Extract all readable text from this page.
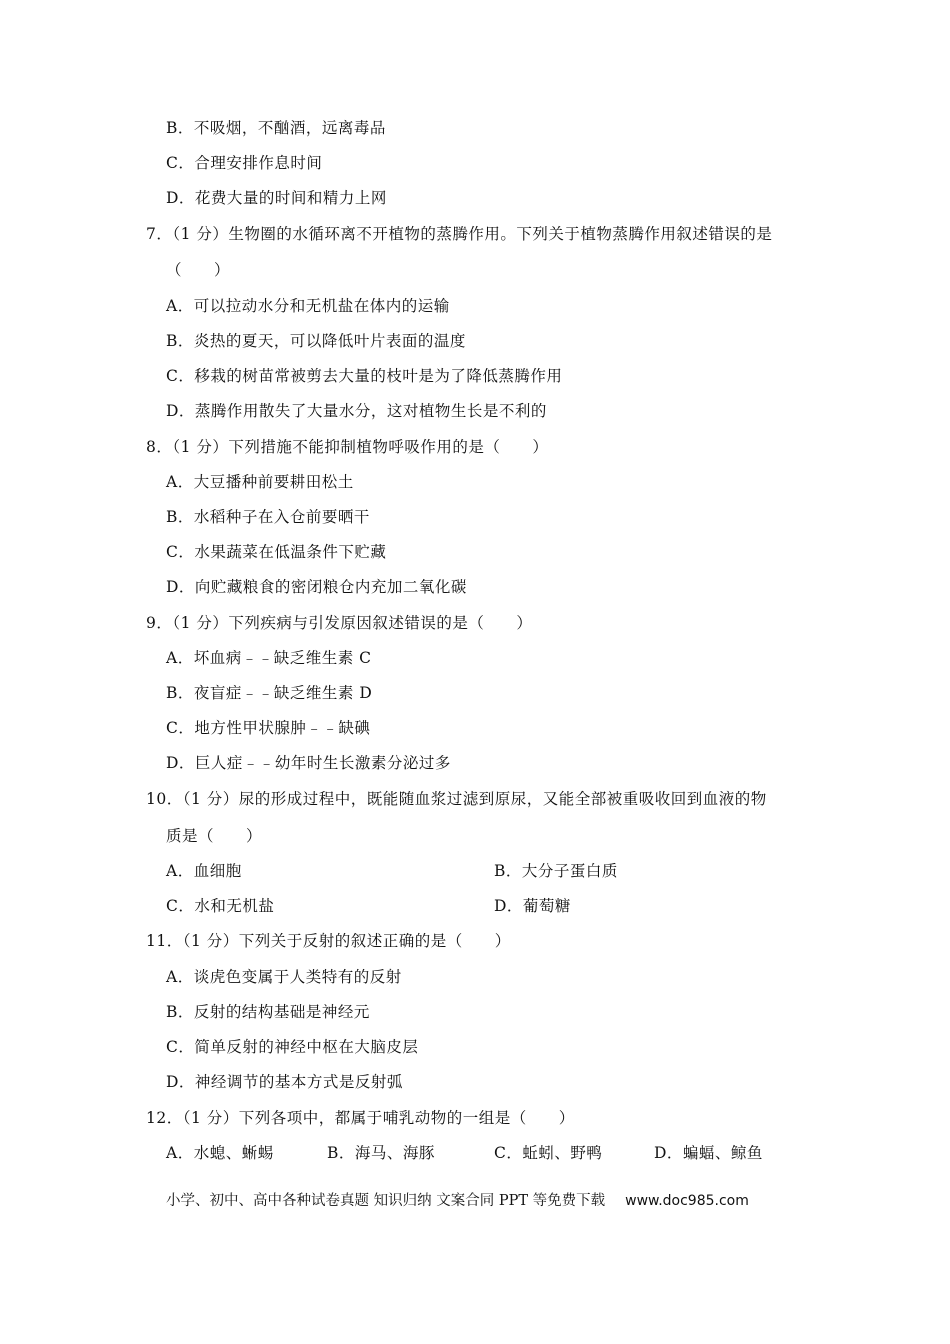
B．不吸烟，不酗酒，远离毒品
C．合理安排作息时间
D．花费大量的时间和精力上网
7．（1 分）生物圈的水循环离不开植物的蒸腾作用。下列关于植物蒸腾作用叙述错误的是
（　　）
A．可以拉动水分和无机盐在体内的运输
B．炎热的夏天，可以降低叶片表面的温度
C．移栽的树苗常被剪去大量的枝叶是为了降低蒸腾作用
D．蒸腾作用散失了大量水分，这对植物生长是不利的
8．（1 分）下列措施不能抑制植物呼吸作用的是（　　）
A．大豆播种前要耕田松土
B．水稻种子在入仓前要晒干
C．水果蔬菜在低温条件下贮藏
D．向贮藏粮食的密闭粮仓内充加二氧化碳
9．（1 分）下列疾病与引发原因叙述错误的是（　　）
A．坏血病﹣﹣缺乏维生素 C
B．夜盲症﹣﹣缺乏维生素 D
C．地方性甲状腺肿﹣﹣缺碘
D．巨人症﹣﹣幼年时生长激素分泌过多
10．（1 分）尿的形成过程中，既能随血浆过滤到原尿，又能全部被重吸收回到血液的物
质是（　　）
A．血细胞	B．大分子蛋白质
C．水和无机盐	D．葡萄糖
11．（1 分）下列关于反射的叙述正确的是（　　）
A．谈虎色变属于人类特有的反射
B．反射的结构基础是神经元
C．简单反射的神经中枢在大脑皮层
D．神经调节的基本方式是反射弧
12．（1 分）下列各项中，都属于哺乳动物的一组是（　　）
A．水螅、蜥蜴	B．海马、海豚	C．蚯蚓、野鸭	D．蝙蝠、鲸鱼
小学、初中、高中各种试卷真题 知识归纳 文案合同 PPT 等免费下载 www.doc985.com
